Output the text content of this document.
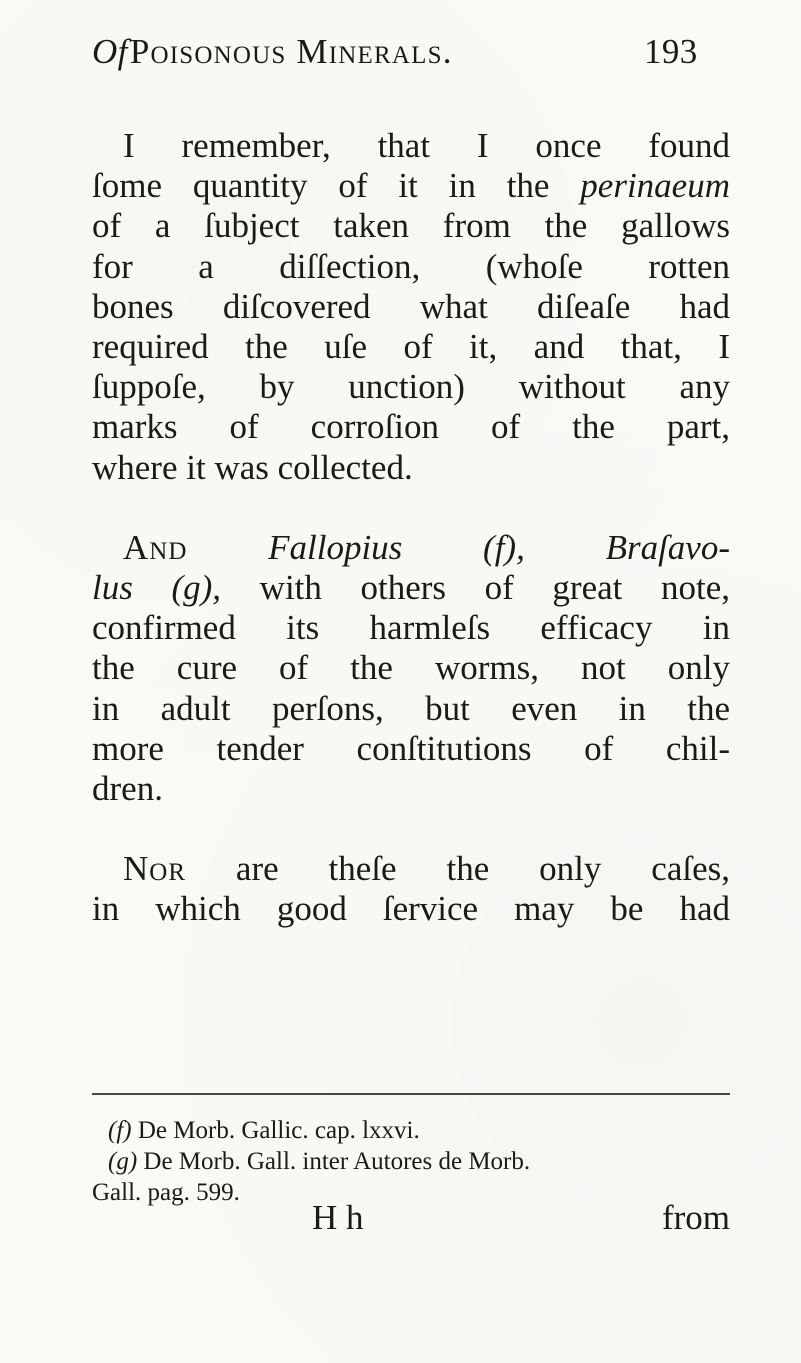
OfPoisonous Minerals.	193
I remember, that I once found
ſome quantity of it in the perinaeum
of a ſubject taken from the gallows
for a diſſection, (whoſe rotten
bones diſcovered what diſeaſe had
required the uſe of it, and that, I
ſuppoſe, by unction) without any
marks of corroſion of the part,
where it was collected.
And Fallopius (f), Braſavo-
lus (g), with others of great note,
confirmed its harmleſs efficacy in
the cure of the worms, not only
in adult perſons, but even in the
more tender conſtitutions of chil-
dren.
Nor are theſe the only caſes,
in which good ſervice may be had
(f) De Morb. Gallic. cap. lxxvi.
(g) De Morb. Gall. inter Autores de Morb.
Gall. pag. 599.
H h	from
